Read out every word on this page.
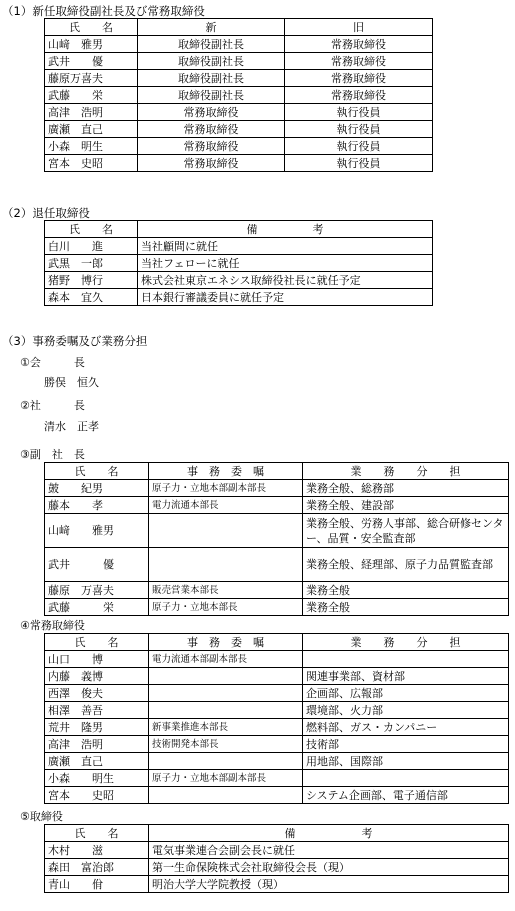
（1）新任取締役副社長及び常務取締役
氏　　名	新	旧
山﨑　雅男	取締役副社長	常務取締役
武井　　優	取締役副社長	常務取締役
藤原万喜夫	取締役副社長	常務取締役
武藤　　栄	取締役副社長	常務取締役
高津　浩明	常務取締役	執行役員
廣瀬　直己	常務取締役	執行役員
小森　明生	常務取締役	執行役員
宮本　史昭	常務取締役	執行役員
（2）退任取締役
氏　　名	備　　　　　考
白川　　進	当社顧問に就任
武黒　一郎	当社フェローに就任
猪野　博行	株式会社東京エネシス取締役社長に就任予定
森本　宜久	日本銀行審議委員に就任予定
（3）事務委嘱及び業務分担
①会　　　長
勝俣　恒久
②社　　　長
清水　正孝
③副　社　長
氏　　名	事　務　委　嘱	業　　務　　分　　担
皷　　紀男	原子力・立地本部副本部長	業務全般、総務部
藤本　　孝	電力流通本部長	業務全般、建設部
山﨑　　雅男		業務全般、労務人事部、総合研修センター、品質・安全監査部
武井　　　優		業務全般、経理部、原子力品質監査部
藤原　万喜夫	販売営業本部長	業務全般
武藤　　　栄	原子力・立地本部長	業務全般
④常務取締役
氏　　名	事　務　委　嘱	業　　務　　分　　担
山口　　博	電力流通本部副本部長	
内藤　義博		関連事業部、資材部
西澤　俊夫		企画部、広報部
相澤　善吾		環境部、火力部
荒井　隆男	新事業推進本部長	燃料部、ガス・カンパニー
高津　浩明	技術開発本部長	技術部
廣瀬　直己		用地部、国際部
小森　　明生	原子力・立地本部副本部長	
宮本　　史昭		システム企画部、電子通信部
⑤取締役
氏　　名	備　　　　　　考
木村　　滋	電気事業連合会副会長に就任
森田　富治郎	第一生命保険株式会社取締役会長（現）
青山　　佾	明治大学大学院教授（現）
